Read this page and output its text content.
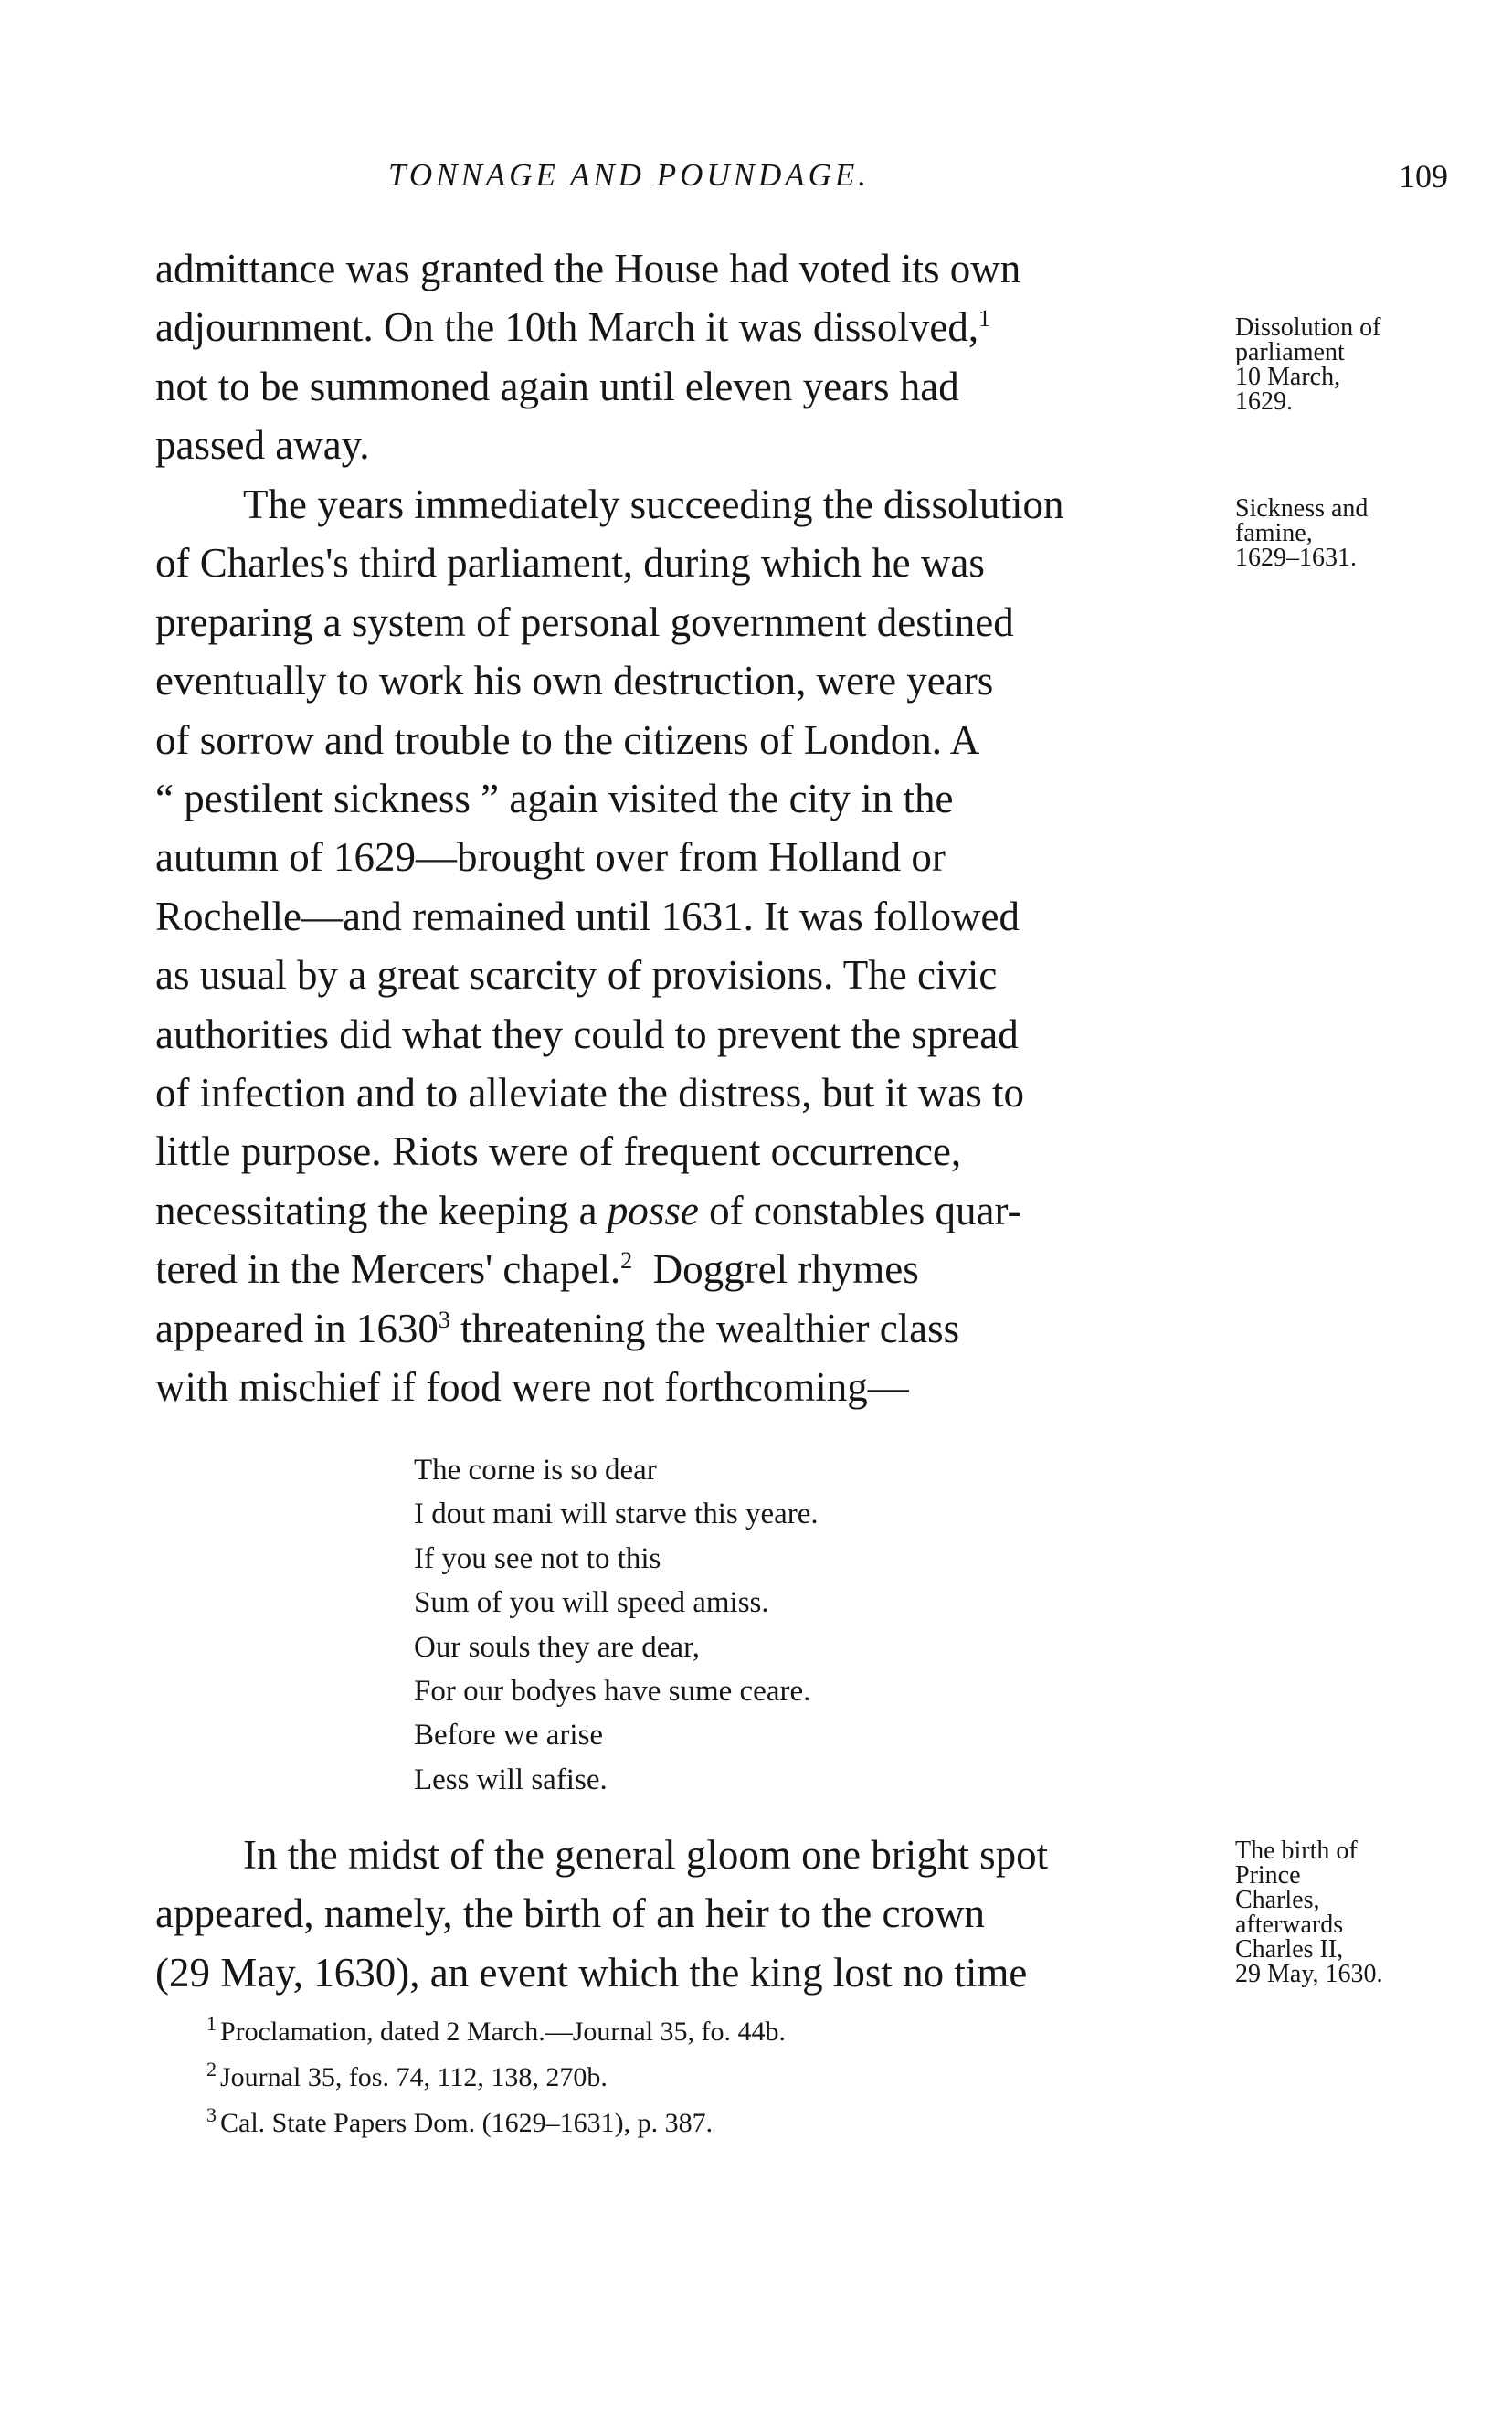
TONNAGE AND POUNDAGE.	109

admittance was granted the House had voted its own

adjournment. On the 10th March it was dissolved,$^1$

not to be summoned again until eleven years had

passed away.

The years immediately succeeding the dissolution

of Charles's third parliament, during which he was

preparing a system of personal government destined

eventually to work his own destruction, were years

of sorrow and trouble to the citizens of London. A

“ pestilent sickness ” again visited the city in the

autumn of 1629—brought over from Holland or

Rochelle—and remained until 1631. It was followed

as usual by a great scarcity of provisions. The civic

authorities did what they could to prevent the spread

of infection and to alleviate the distress, but it was to

little purpose. Riots were of frequent occurrence,

necessitating the keeping a posse of constables quar-

tered in the Mercers' chapel.$^2$ Doggrel rhymes

appeared in 1630$^3$ threatening the wealthier class

with mischief if food were not forthcoming—

The corne is so dear
I dout mani will starve this yeare.
If you see not to this
Sum of you will speed amiss.
Our souls they are dear,
For our bodyes have sume ceare.
Before we arise
Less will safise.

In the midst of the general gloom one bright spot

appeared, namely, the birth of an heir to the crown

(29 May, 1630), an event which the king lost no time

Dissolution of
parliament
10 March,
1629.
Sickness and
famine,
1629–1631.
The birth of
Prince
Charles,
afterwards
Charles II,
29 May, 1630.
$^1$ Proclamation, dated 2 March.—Journal 35, fo. 44b.
$^2$ Journal 35, fos. 74, 112, 138, 270b.
$^3$ Cal. State Papers Dom. (1629–1631), p. 387.
